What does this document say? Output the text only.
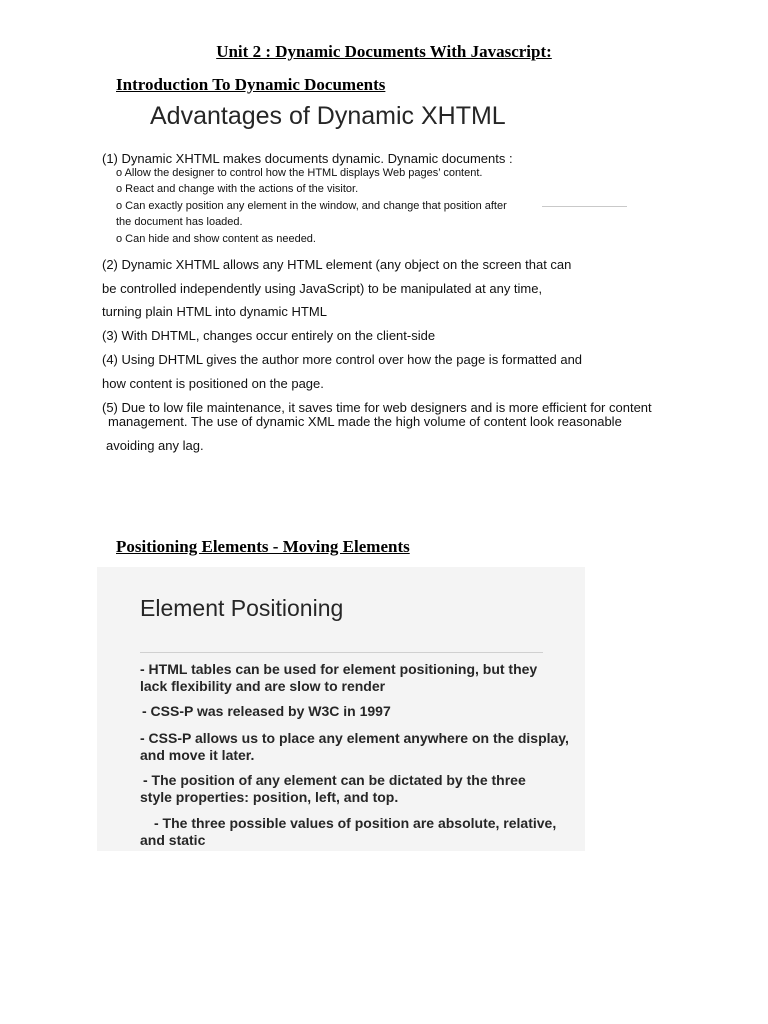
Unit 2 : Dynamic Documents With Javascript:
Introduction To Dynamic Documents
Advantages of Dynamic XHTML
(1) Dynamic XHTML makes documents dynamic. Dynamic documents :
o Allow the designer to control how the HTML displays Web pages’ content.
o React and change with the actions of the visitor.
o Can exactly position any element in the window, and change that position after
the document has loaded.
o Can hide and show content as needed.
(2) Dynamic XHTML allows any HTML element (any object on the screen that can
be controlled independently using JavaScript) to be manipulated at any time,
turning plain HTML into dynamic HTML
(3) With DHTML, changes occur entirely on the client-side
(4) Using DHTML gives the author more control over how the page is formatted and
how content is positioned on the page.
(5) Due to low file maintenance, it saves time for web designers and is more efficient for content
management. The use of dynamic XML made the high volume of content look reasonable
avoiding any lag.
Positioning Elements - Moving Elements
Element Positioning
- HTML tables can be used for element positioning, but they
lack flexibility and are slow to render
- CSS-P was released by W3C in 1997
- CSS-P allows us to place any element anywhere on the display,
and move it later.
- The position of any element can be dictated by the three
style properties: position, left, and top.
- The three possible values of position are absolute, relative,
and static
